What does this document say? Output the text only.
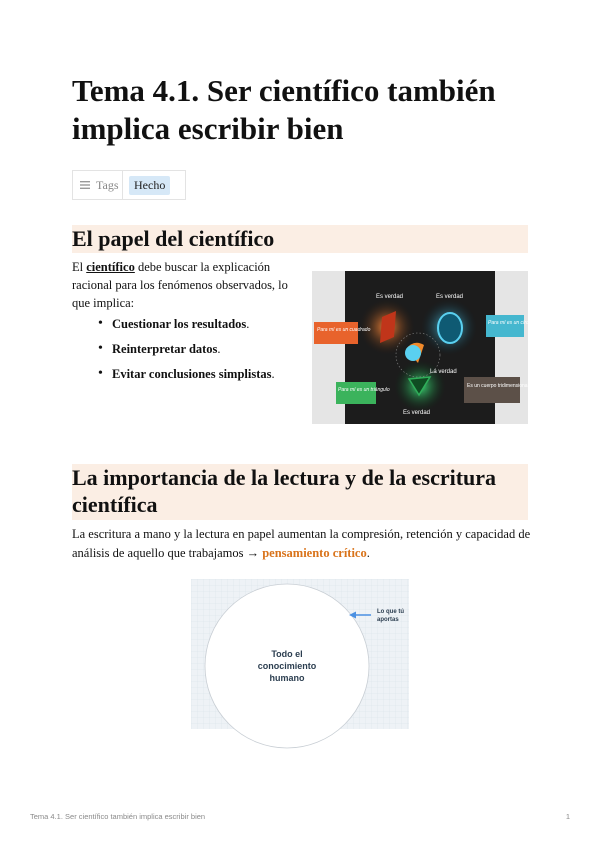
Tema 4.1. Ser científico también implica escribir bien
Tags	Hecho
El papel del científico

El científico debe buscar la explicación racional para los fenómenos observados, lo que implica:

• Cuestionar los resultados.
• Reinterpretar datos.
• Evitar conclusiones simplistas.
Es verdad	Es verdad
La verdad
Es verdad
Para mí es un cuadrado
Para mí es un círculo
Para mí es un triángulo
Es un cuerpo tridimensional
La importancia de la lectura y de la escritura científica

La escritura a mano y la lectura en papel aumentan la compresión, retención y capacidad de análisis de aquello que trabajamos → pensamiento crítico.

Todo el
conocimiento
humano
Lo que tú
aportas
Tema 4.1. Ser científico también implica escribir bien	1
